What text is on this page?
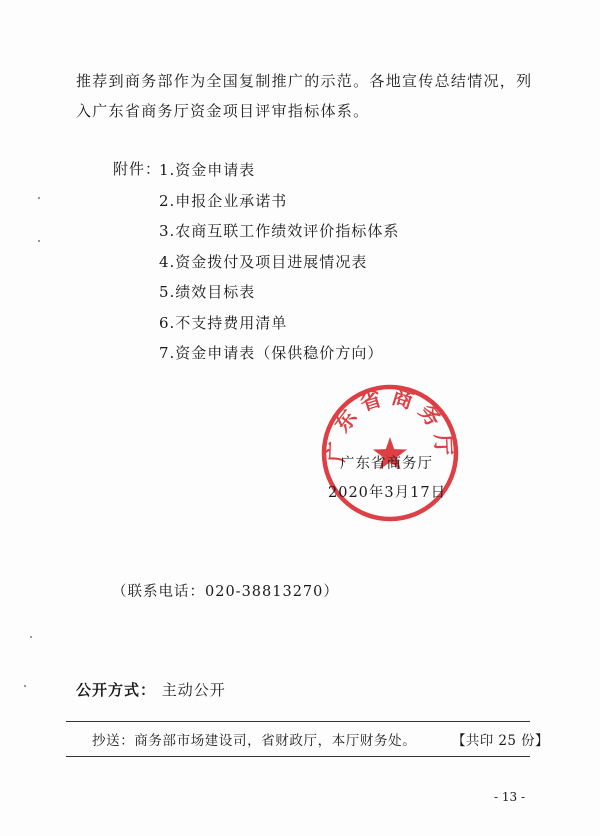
推荐到商务部作为全国复制推广的示范。各地宣传总结情况，列
入广东省商务厅资金项目评审指标体系。

附件：
1.资金申请表
2.申报企业承诺书
3.农商互联工作绩效评价指标体系
4.资金拨付及项目进展情况表
5.绩效目标表
6.不支持费用清单
7.资金申请表（保供稳价方向）
广东省商务厅
广东省商务厅
2020年3月17日
（联系电话：020-38813270）
公开方式： 主动公开
抄送：商务部市场建设司，省财政厅，本厅财务处。	【共印 25 份】
- 13 -
